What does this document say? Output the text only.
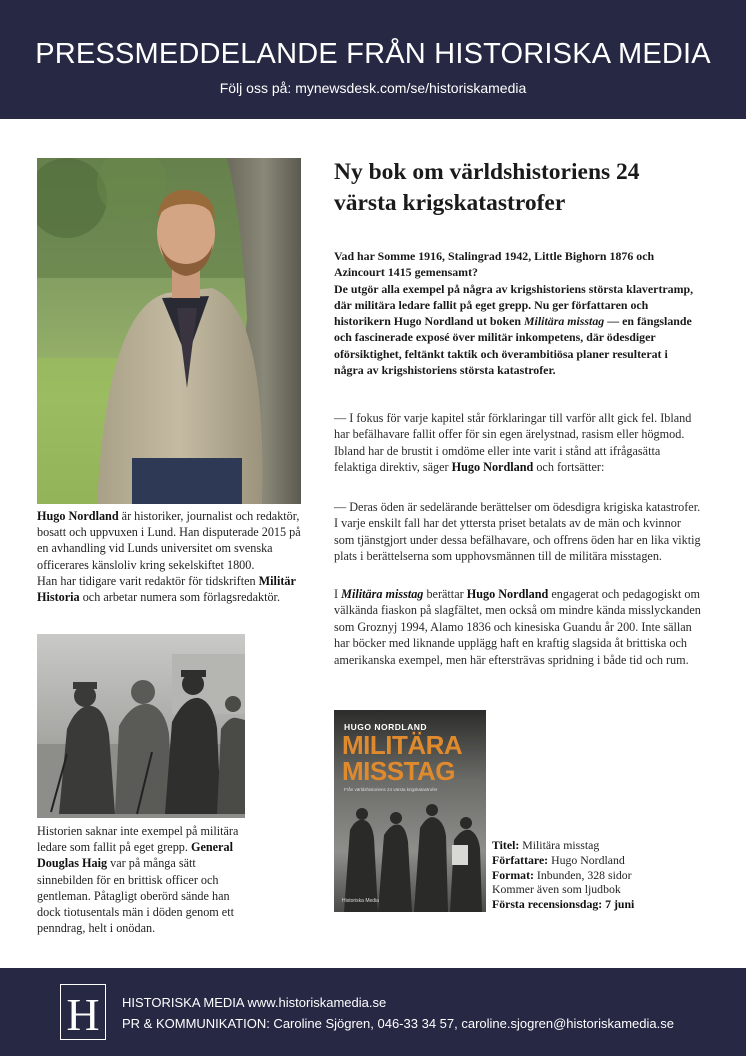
PRESSMEDDELANDE FRÅN HISTORISKA MEDIA
Följ oss på: mynewsdesk.com/se/historiskamedia
Hugo Nordland är historiker, journalist och redaktör, bosatt och uppvuxen i Lund. Han disputerade 2015 på en avhandling vid Lunds universitet om svenska officerares känsloliv kring sekelskiftet 1800.
Han har tidigare varit redaktör för tidskriften Militär Historia och arbetar numera som förlagsredaktör.
Historien saknar inte exempel på militära ledare som fallit på eget grepp. General Douglas Haig var på många sätt sinnebilden för en brittisk officer och gentleman. Påtagligt oberörd sände han dock tiotusentals män i döden genom ett penndrag, helt i onödan.
Ny bok om världshistoriens 24 värsta krigskatastrofer
Vad har Somme 1916, Stalingrad 1942, Little Bighorn 1876 och Azincourt 1415 gemensamt?
De utgör alla exempel på några av krigshistoriens största klavertramp, där militära ledare fallit på eget grepp. Nu ger författaren och historikern Hugo Nordland ut boken Militära misstag — en fängslande och fascinerade exposé över militär inkompetens, där ödesdiger oförsiktighet, feltänkt taktik och överambitiösa planer resulterat i några av krigshistoriens största katastrofer.

— I fokus för varje kapitel står förklaringar till varför allt gick fel. Ibland har befälhavare fallit offer för sin egen ärelystnad, rasism eller högmod. Ibland har de brustit i omdöme eller inte varit i stånd att ifrågasätta felaktiga direktiv, säger Hugo Nordland och fortsätter:

— Deras öden är sedelärande berättelser om ödesdigra krigiska katastrofer. I varje enskilt fall har det yttersta priset betalats av de män och kvinnor som tjänstgjort under dessa befälhavare, och offrens öden har en lika viktig plats i berättelserna som upphovsmännen till de militära misstagen.

I Militära misstag berättar Hugo Nordland engagerat och pedagogiskt om välkända fiaskon på slagfältet, men också om mindre kända misslyckanden som Groznyj 1994, Alamo 1836 och kinesiska Guandu år 200. Inte sällan har böcker med liknande upplägg haft en kraftig slagsida åt brittiska och amerikanska exempel, men här eftersträvas spridning i både tid och rum.

HUGO NORDLAND
MILITÄRA
MISSTAG
Från världshistoriens 24 värsta krigskatastrofer
Historiska Media
Titel: Militära misstag
Författare: Hugo Nordland
Format: Inbunden, 328 sidor
Kommer även som ljudbok
Första recensionsdag: 7 juni
H HISTORISKA MEDIA www.historiskamedia.se
PR & KOMMUNIKATION: Caroline Sjögren, 046-33 34 57, caroline.sjogren@historiskamedia.se
